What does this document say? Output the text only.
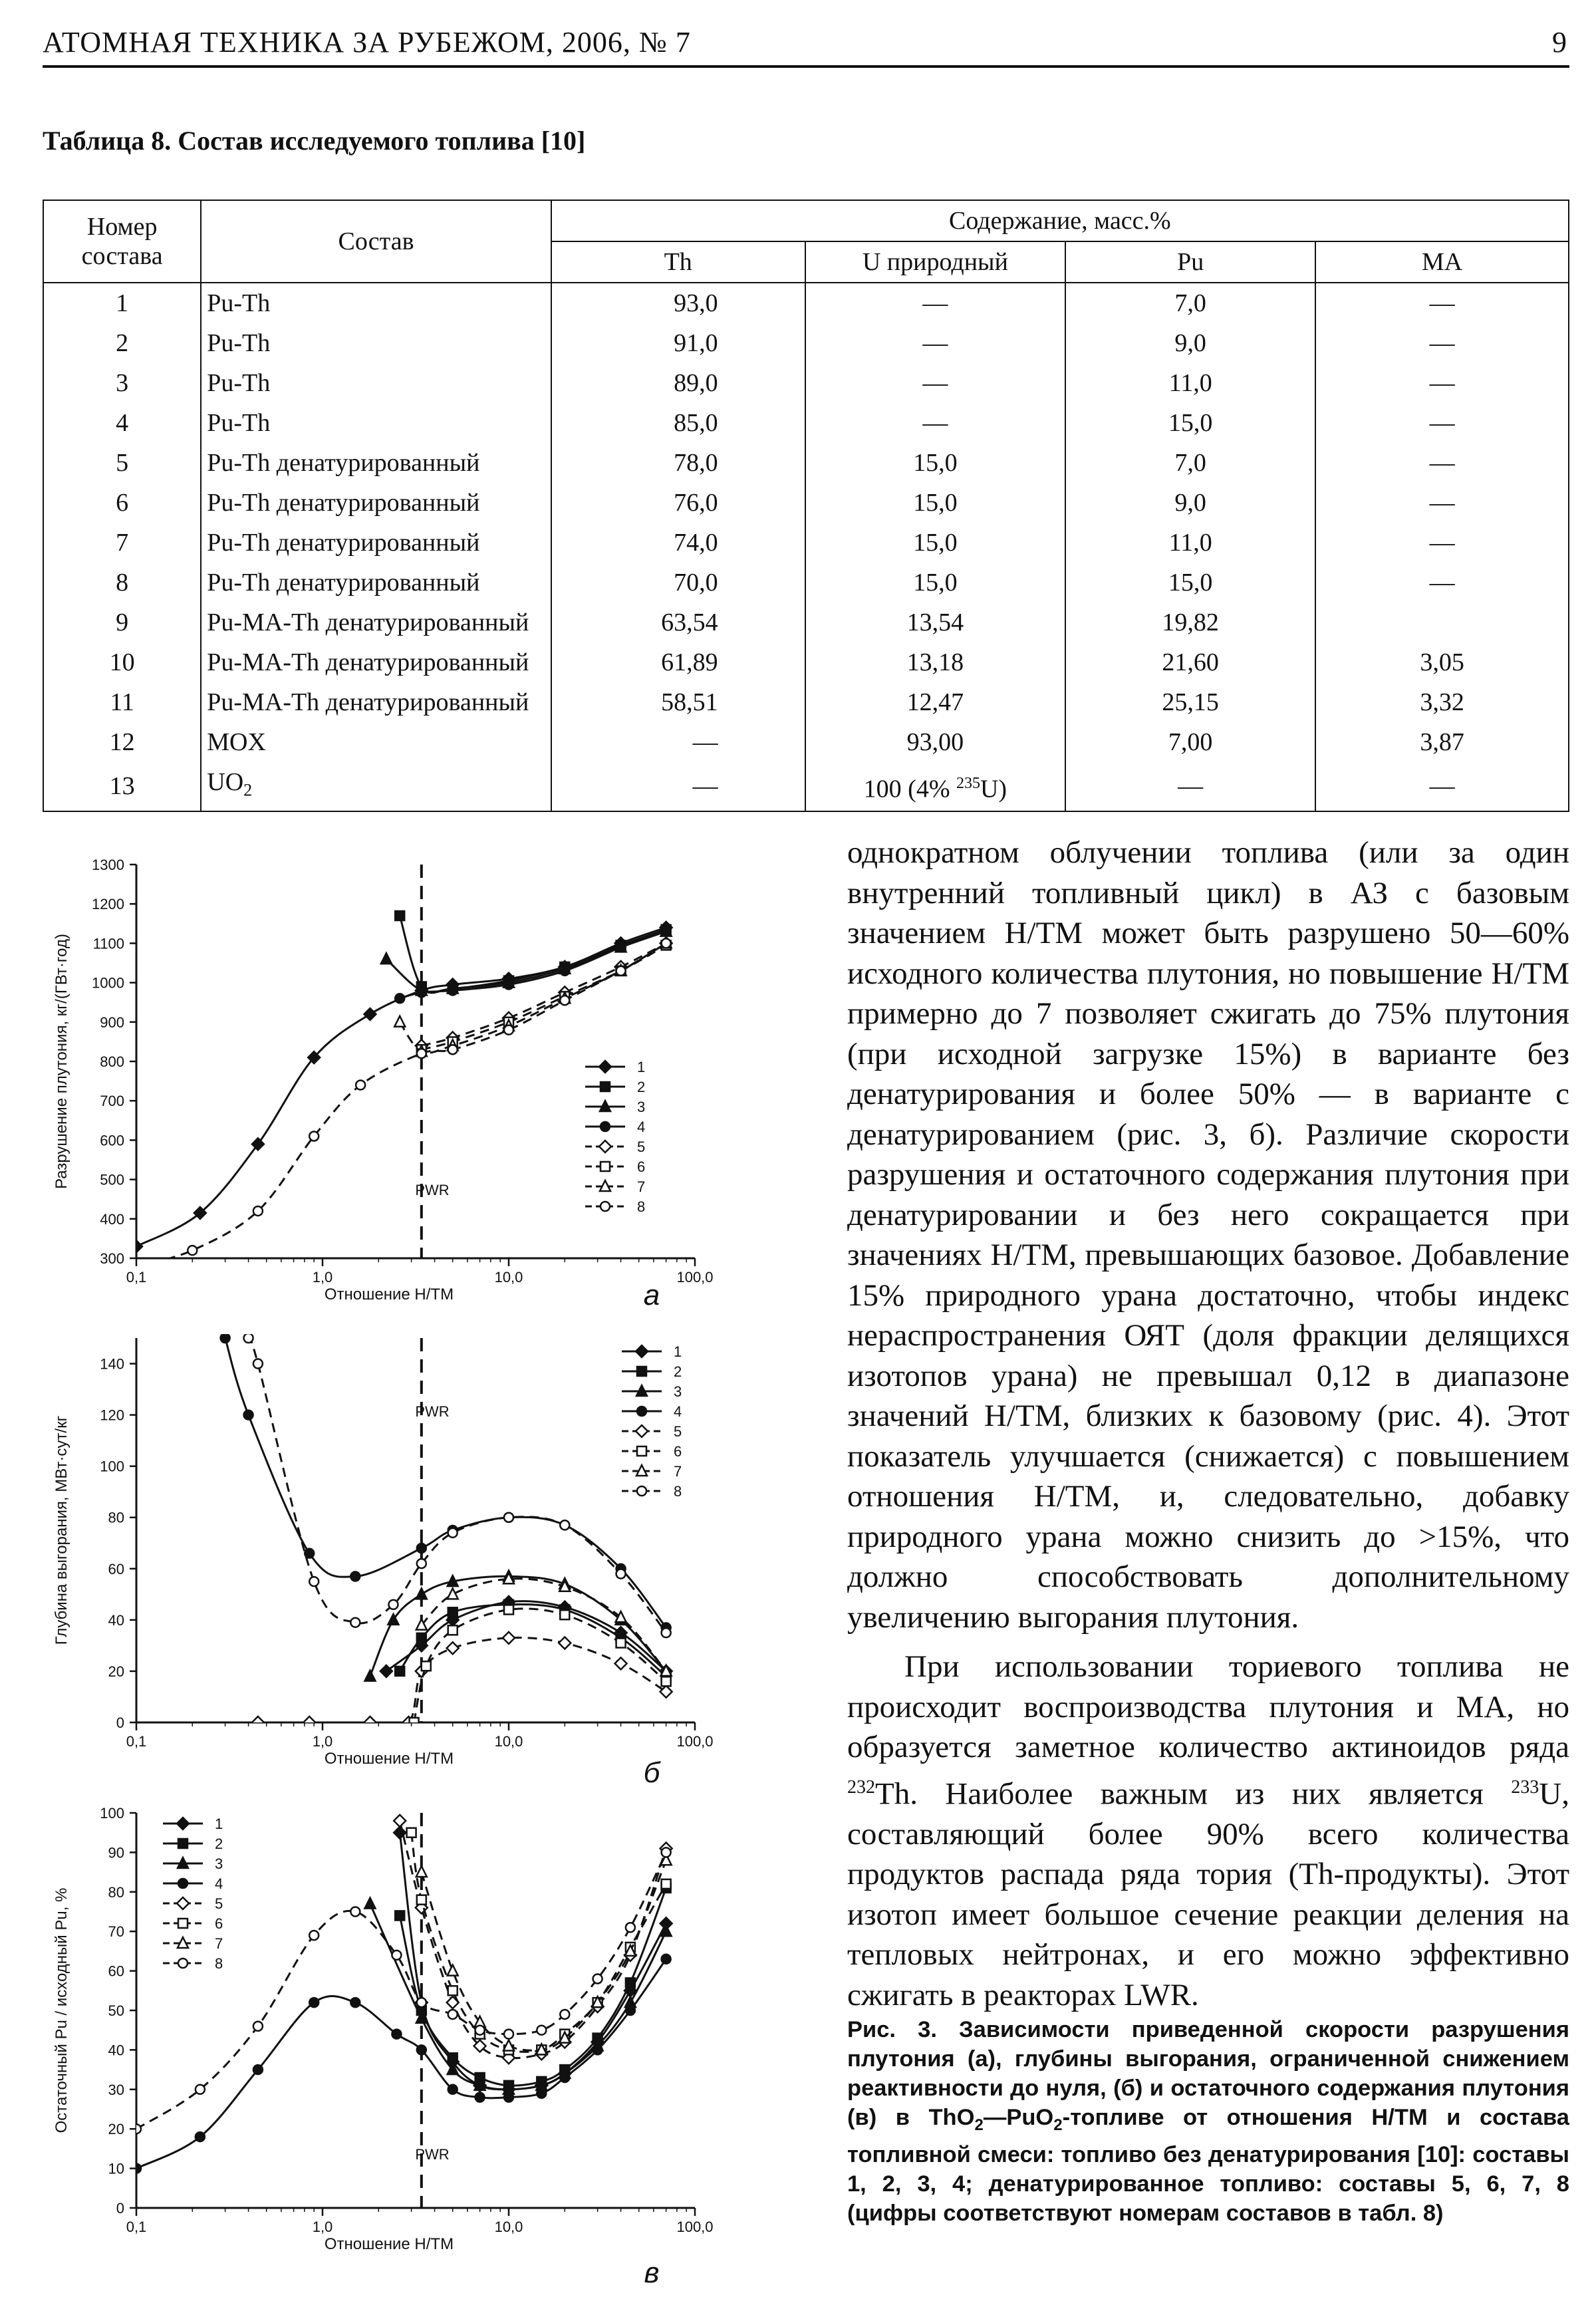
АТОМНАЯ ТЕХНИКА ЗА РУБЕЖОМ, 2006, № 7	9
Таблица 8. Состав исследуемого топлива [10]
Номер состава	Состав	Содержание, масс.%			
		Th	U природный	Pu	MA
1	Pu-Th	93,0	—	7,0	—
2	Pu-Th	91,0	—	9,0	—
3	Pu-Th	89,0	—	11,0	—
4	Pu-Th	85,0	—	15,0	—
5	Pu-Th денатурированный	78,0	15,0	7,0	—
6	Pu-Th денатурированный	76,0	15,0	9,0	—
7	Pu-Th денатурированный	74,0	15,0	11,0	—
8	Pu-Th денатурированный	70,0	15,0	15,0	—
9	Pu-MA-Th денатурированный	63,54	13,54	19,82	
10	Pu-MA-Th денатурированный	61,89	13,18	21,60	3,05
11	Pu-MA-Th денатурированный	58,51	12,47	25,15	3,32
12	MOX	—	93,00	7,00	3,87
13	$UO_2$	—	100 (4% $^{235}$U)	—	—
300
400
500
600
700
800
900
1000
1100
1200
1300
0,1	1,0	10,0	100,0
Отношение H/TM
Разрушение плутония, кг/(ГВт·год)
PWR
а
1
2
3
4
5
6
7
8
0
20
40
60
80
100
120
140
0,1	1,0	10,0	100,0
Отношение H/TM
Глубина выгорания, МВт·сут/кг
PWR
б
1
2
3
4
5
6
7
8
0
10
20
30
40
50
60
70
80
90
100
0,1	1,0	10,0	100,0
Отношение H/TM
Остаточный Pu / исходный Pu, %
PWR
в
1
2
3
4
5
6
7
8

однократном облучении топлива (или за один внутренний топливный цикл) в АЗ с базовым значением H/TM может быть разрушено 50—60% исходного количества плутония, но повышение H/TM примерно до 7 позволяет сжигать до 75% плутония (при исходной загрузке 15%) в варианте без денатурирования и более 50% — в варианте с денатурированием (рис. 3, б). Различие скорости разрушения и остаточного содержания плутония при денатурировании и без него сокращается при значениях H/TM, превышающих базовое. Добавление 15% природного урана достаточно, чтобы индекс нераспространения ОЯТ (доля фракции делящихся изотопов урана) не превышал 0,12 в диапазоне значений H/TM, близких к базовому (рис. 4). Этот показатель улучшается (снижается) с повышением отношения H/TM, и, следовательно, добавку природного урана можно снизить до >15%, что должно способствовать дополнительному увеличению выгорания плутония.

При использовании ториевого топлива не происходит воспроизводства плутония и MA, но образуется заметное количество актиноидов ряда $^{232}$Th. Наиболее важным из них является $^{233}$U, составляющий более 90% всего количества продуктов распада ряда тория (Th-продукты). Этот изотоп имеет большое сечение реакции деления на тепловых нейтронах, и его можно эффективно сжигать в реакторах LWR.

Рис. 3. Зависимости приведенной скорости разрушения плутония (а), глубины выгорания, ограниченной снижением реактивности до нуля, (б) и остаточного содержания плутония (в) в ThO$_2$—PuO$_2$-топливе от отношения H/TM и состава топливной смеси: топливо без денатурирования [10]: составы 1, 2, 3, 4; денатурированное топливо: составы 5, 6, 7, 8 (цифры соответствуют номерам составов в табл. 8)
